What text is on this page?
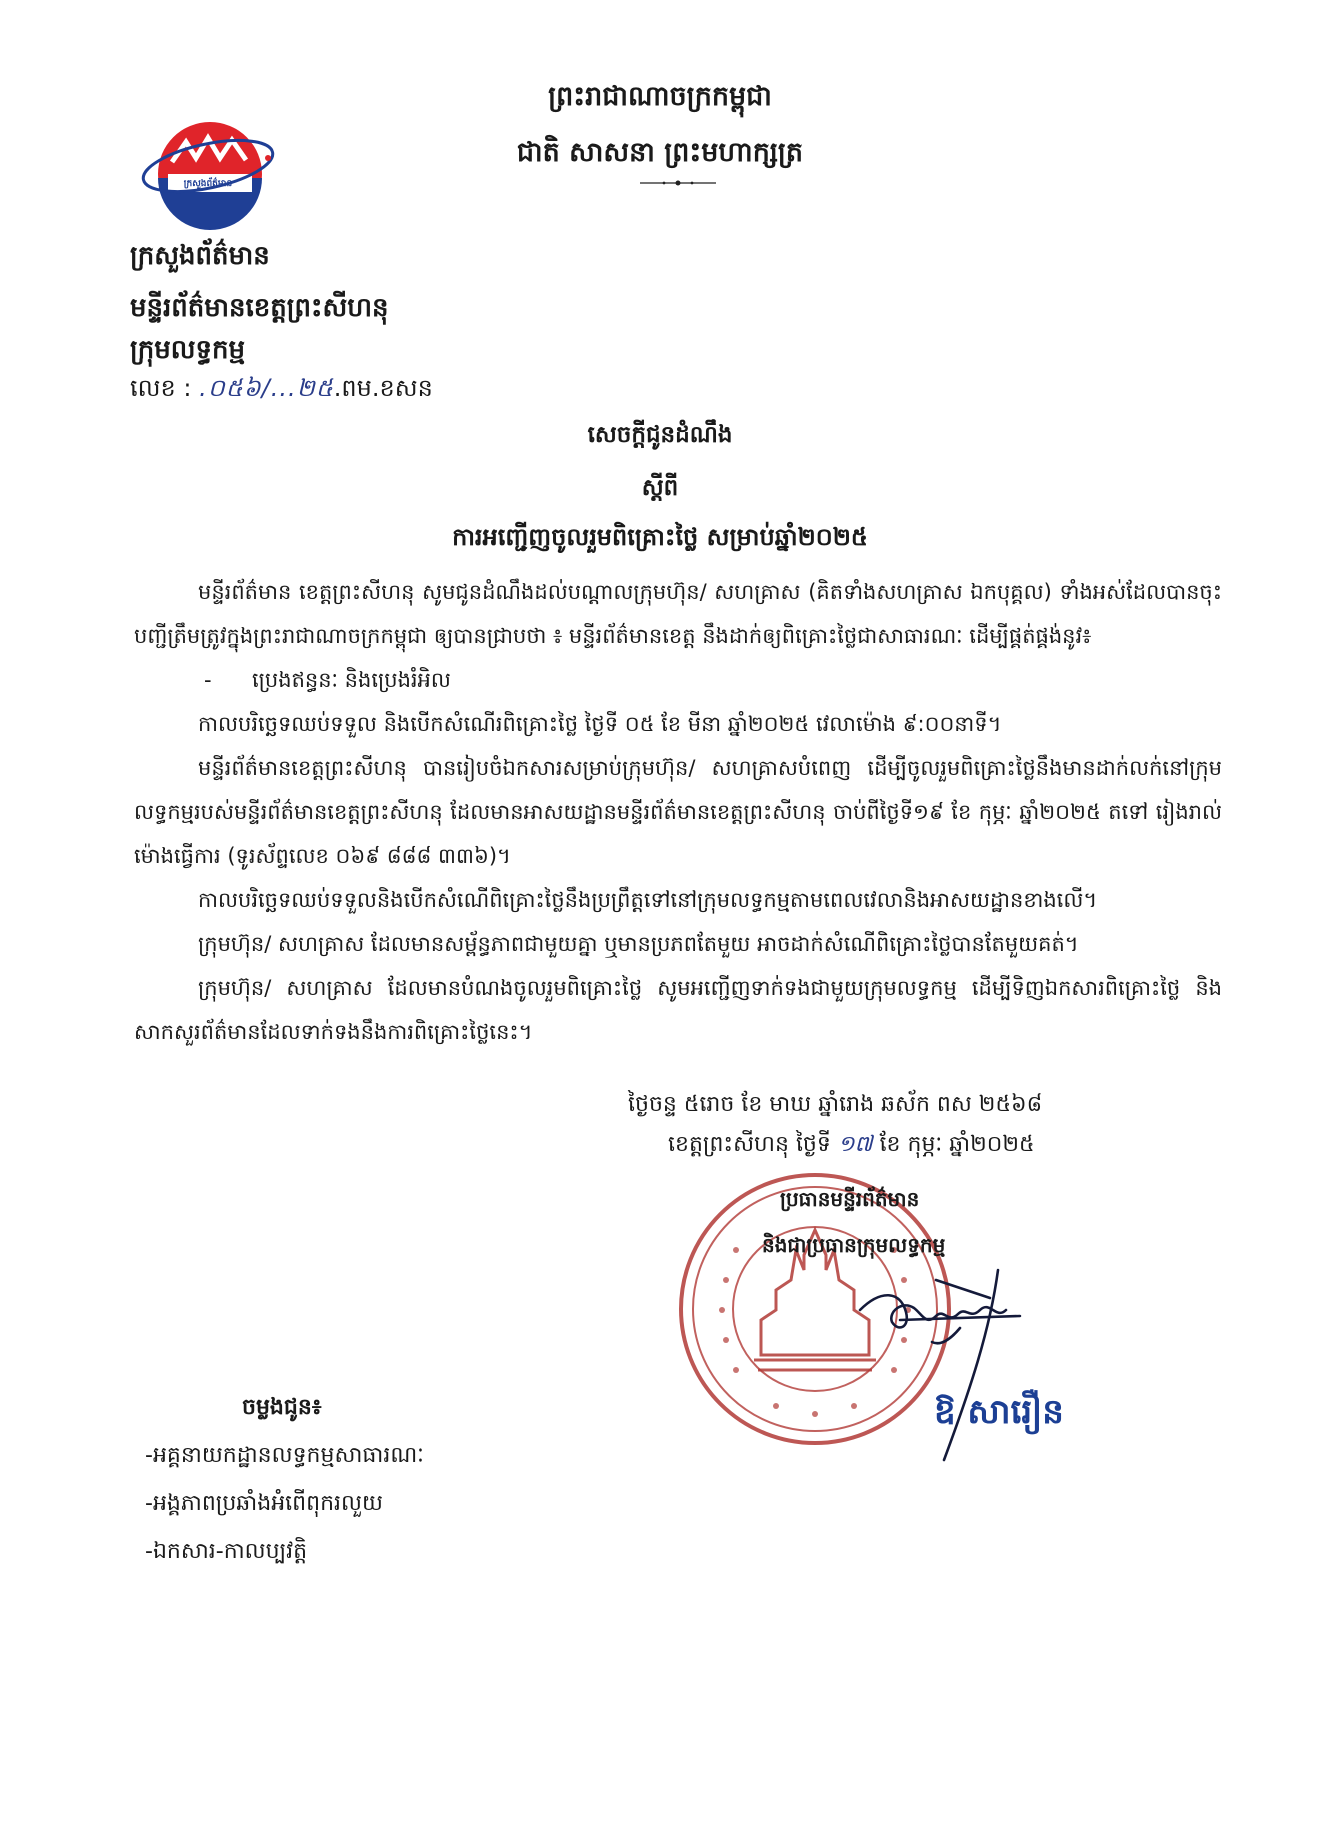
ព្រះរាជាណាចក្រកម្ពុជា
ជាតិ សាសនា ព្រះមហាក្សត្រ
ក្រសួងព័ត៌មាន
ក្រសួងព័ត៌មាន
មន្ទីរព័ត៌មានខេត្តព្រះសីហនុ
ក្រុមលទ្ធកម្ម
លេខ : .០៥៦/...២៥.ពម.ខសន
សេចក្តីជូនដំណឹង
ស្តីពី
ការអញ្ជើញចូលរួមពិគ្រោះថ្លៃ សម្រាប់ឆ្នាំ២០២៥

មន្ទីរព័ត៌មាន ខេត្តព្រះសីហនុ សូមជូនដំណឹងដល់បណ្តាលក្រុមហ៊ុន/ សហគ្រាស (គិតទាំងសហគ្រាស ឯកបុគ្គល) ទាំងអស់ដែលបានចុះបញ្ជីត្រឹមត្រូវក្នុងព្រះរាជាណាចក្រកម្ពុជា ឲ្យបានជ្រាបថា ៖ មន្ទីរព័ត៌មានខេត្ត នឹងដាក់ឲ្យពិគ្រោះថ្លៃជាសាធារណៈ ដើម្បីផ្គត់ផ្គង់នូវ៖

- ប្រេងឥន្ធនៈ និងប្រេងរំអិល

កាលបរិច្ឆេទឈប់ទទួល និងបើកសំណើរពិគ្រោះថ្លៃ ថ្ងៃទី ០៥ ខែ មីនា ឆ្នាំ២០២៥ វេលាម៉ោង ៩:០០នាទី។

មន្ទីរព័ត៌មានខេត្តព្រះសីហនុ បានរៀបចំឯកសារសម្រាប់ក្រុមហ៊ុន/ សហគ្រាសបំពេញ ដើម្បីចូលរួមពិគ្រោះថ្លៃនឹងមានដាក់លក់នៅក្រុមលទ្ធកម្មរបស់មន្ទីរព័ត៌មានខេត្តព្រះសីហនុ ដែលមានអាសយដ្ឋានមន្ទីរព័ត៌មានខេត្តព្រះសីហនុ ចាប់ពីថ្ងៃទី១៩ ខែ កុម្ភៈ ឆ្នាំ២០២៥ តទៅ រៀងរាល់ម៉ោងធ្វើការ (ទូរស័ព្ទលេខ ០៦៩ ៨៨៨ ៣៣៦)។

កាលបរិច្ឆេទឈប់ទទួលនិងបើកសំណើពិគ្រោះថ្លៃនឹងប្រព្រឹត្តទៅនៅក្រុមលទ្ធកម្មតាមពេលវេលានិងអាសយដ្ឋានខាងលើ។

ក្រុមហ៊ុន/ សហគ្រាស ដែលមានសម្ព័ន្ធភាពជាមួយគ្នា ឬមានប្រភពតែមួយ អាចដាក់សំណើពិគ្រោះថ្លៃបានតែមួយគត់។

ក្រុមហ៊ុន/ សហគ្រាស ដែលមានបំណងចូលរួមពិគ្រោះថ្លៃ សូមអញ្ជើញទាក់ទងជាមួយក្រុមលទ្ធកម្ម ដើម្បីទិញឯកសារពិគ្រោះថ្លៃ និងសាកសួរព័ត៌មានដែលទាក់ទងនឹងការពិគ្រោះថ្លៃនេះ។

ថ្ងៃចន្ទ ៥រោច ខែ មាឃ ឆ្នាំរោង ឆស័ក ពស ២៥៦៨
ខេត្តព្រះសីហនុ ថ្ងៃទី ១៧ ខែ កុម្ភៈ ឆ្នាំ២០២៥
ប្រធានមន្ទីរព័ត៌មាន
និងជាប្រធានក្រុមលទ្ធកម្ម
ឱ សារឿន
ចម្លងជូន៖
-អគ្គនាយកដ្ឋានលទ្ធកម្មសាធារណៈ
-អង្គភាពប្រឆាំងអំពើពុករលួយ
-ឯកសារ-កាលប្បវត្តិ
